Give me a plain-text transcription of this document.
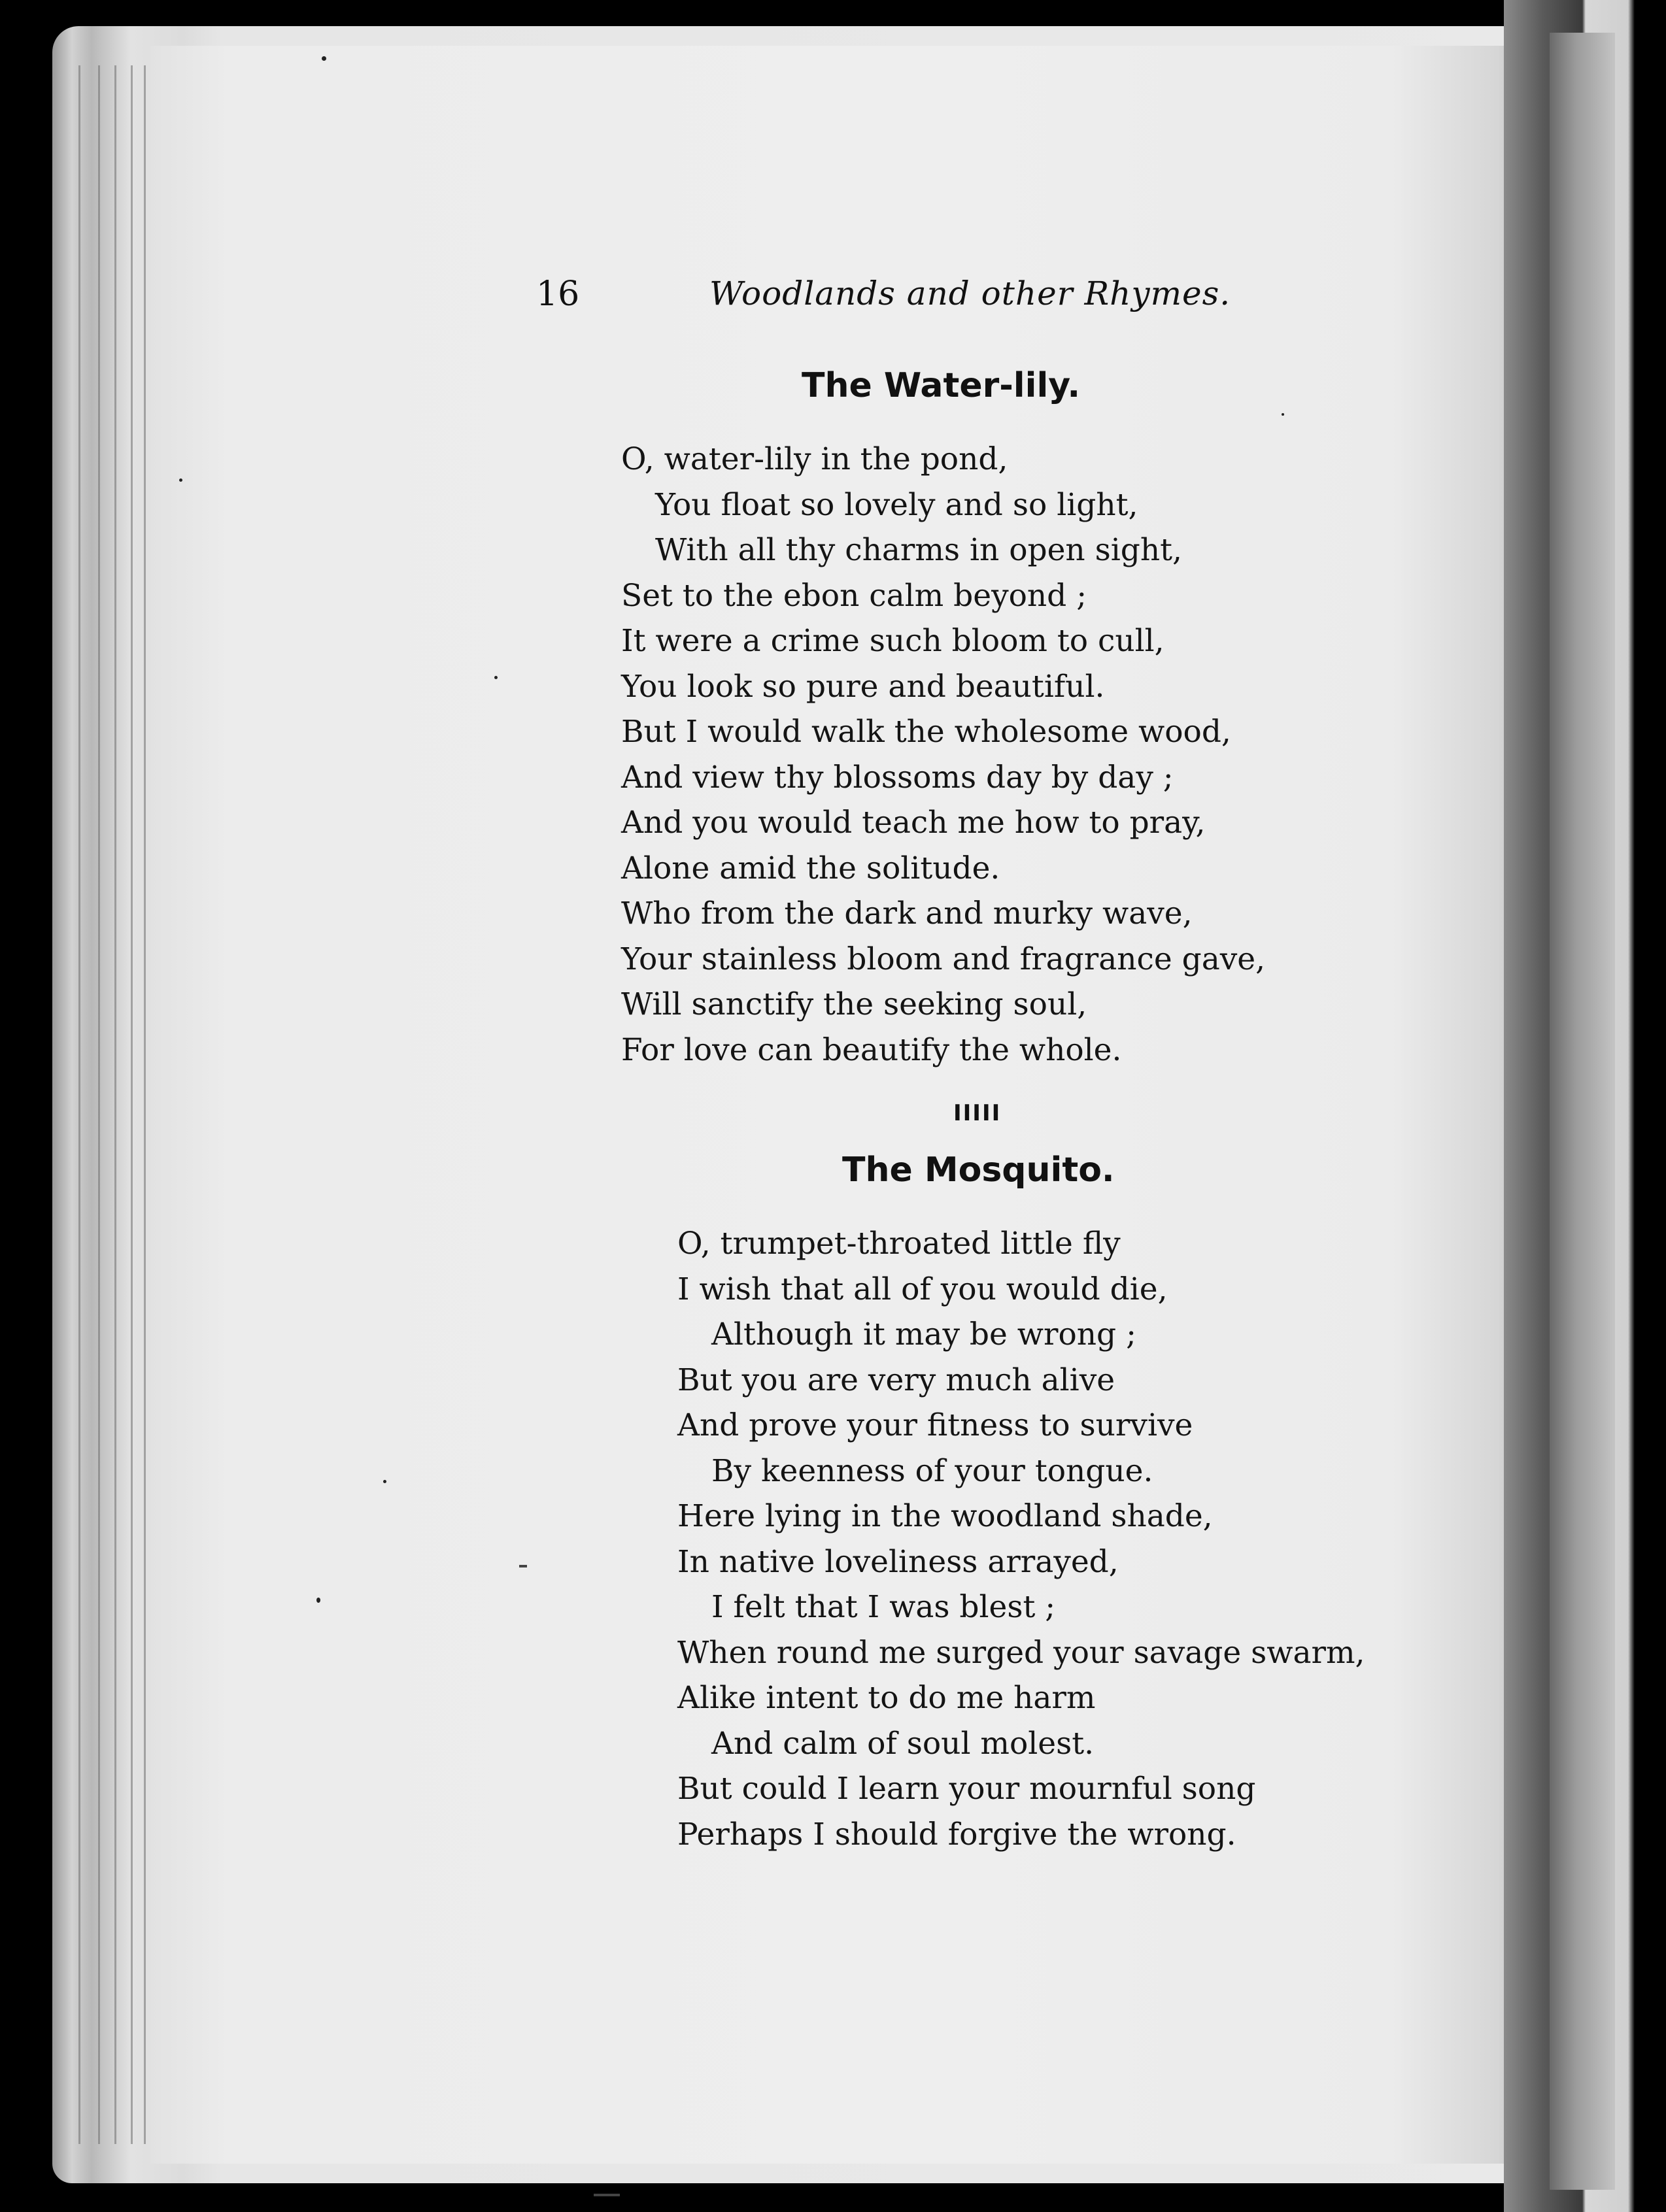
16	Woodlands and other Rhymes.
The Water-lily.
O, water-lily in the pond,
You float so lovely and so light,
With all thy charms in open sight,
Set to the ebon calm beyond ;
It were a crime such bloom to cull,
You look so pure and beautiful.
But I would walk the wholesome wood,
And view thy blossoms day by day ;
And you would teach me how to pray,
Alone amid the solitude.
Who from the dark and murky wave,
Your stainless bloom and fragrance gave,
Will sanctify the seeking soul,
For love can beautify the whole.
IIIII
The Mosquito.
O, trumpet-throated little fly
I wish that all of you would die,
Although it may be wrong ;
But you are very much alive
And prove your fitness to survive
By keenness of your tongue.
Here lying in the woodland shade,
In native loveliness arrayed,
I felt that I was blest ;
When round me surged your savage swarm,
Alike intent to do me harm
And calm of soul molest.
But could I learn your mournful song
Perhaps I should forgive the wrong.
